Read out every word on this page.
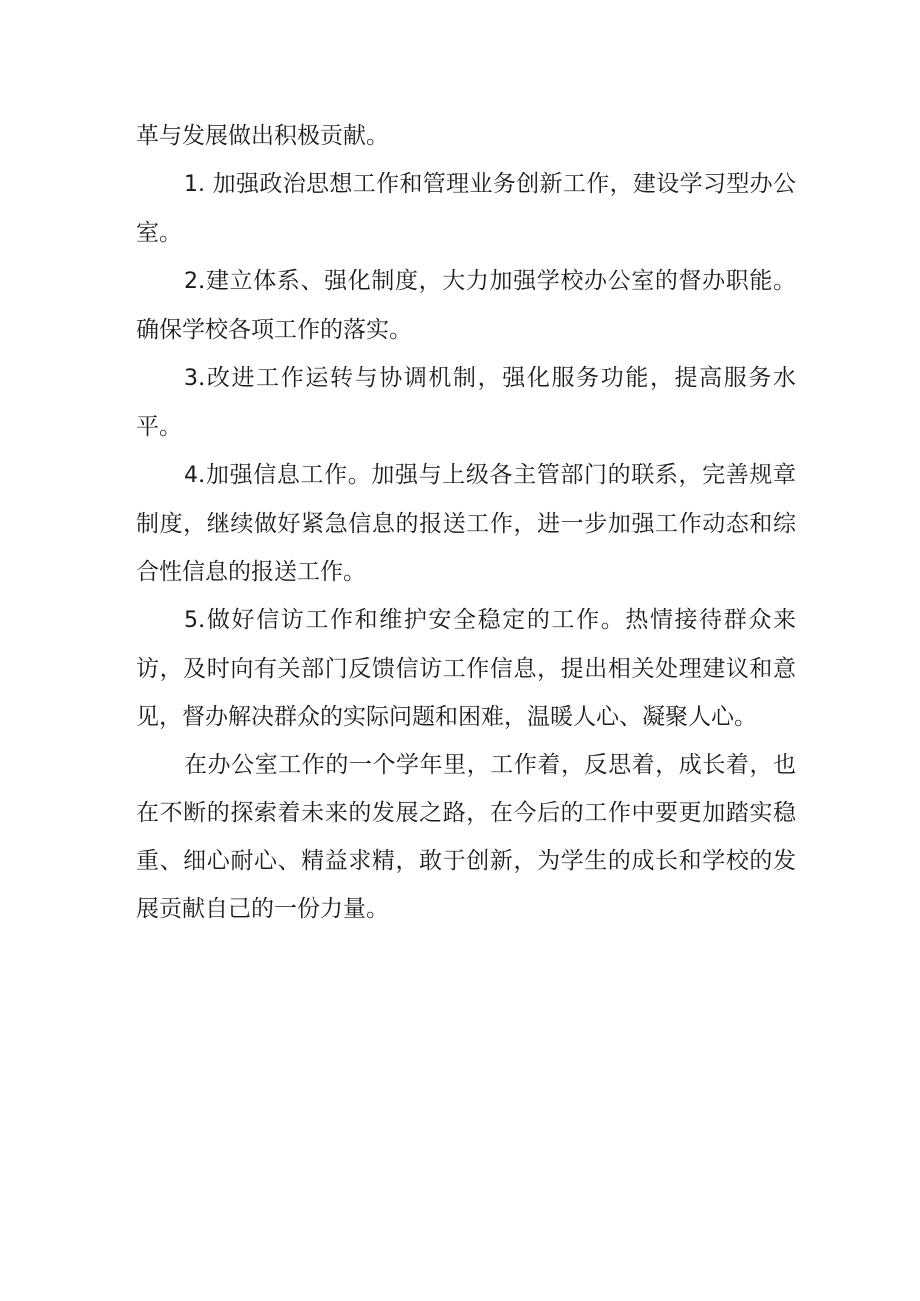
革与发展做出积极贡献。

1. 加强政治思想工作和管理业务创新工作，建设学习型办公室。

2.建立体系、强化制度，大力加强学校办公室的督办职能。确保学校各项工作的落实。

3.改进工作运转与协调机制，强化服务功能，提高服务水平。

4.加强信息工作。加强与上级各主管部门的联系，完善规章制度，继续做好紧急信息的报送工作，进一步加强工作动态和综合性信息的报送工作。

5.做好信访工作和维护安全稳定的工作。热情接待群众来访，及时向有关部门反馈信访工作信息，提出相关处理建议和意见，督办解决群众的实际问题和困难，温暖人心、凝聚人心。

在办公室工作的一个学年里，工作着，反思着，成长着，也在不断的探索着未来的发展之路，在今后的工作中要更加踏实稳重、细心耐心、精益求精，敢于创新，为学生的成长和学校的发展贡献自己的一份力量。
